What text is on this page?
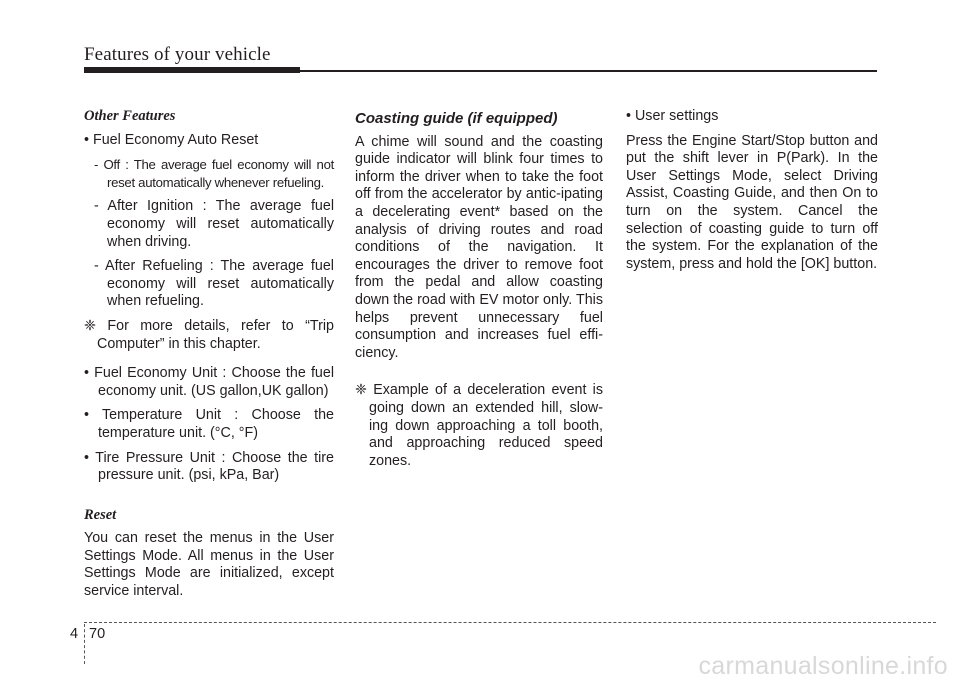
Features of your vehicle
Other Features
• Fuel Economy Auto Reset
- Off : The average fuel economy will not reset automatically whenever refueling.
- After Ignition : The average fuel economy will reset automatically when driving.
- After Refueling : The average fuel economy will reset automatically when refueling.
❈ For more details, refer to “Trip Computer” in this chapter.
• Fuel Economy Unit : Choose the fuel economy unit. (US gallon,UK gallon)
• Temperature Unit : Choose the temperature unit. (°C, °F)
• Tire Pressure Unit : Choose the tire pressure unit. (psi, kPa, Bar)
Reset
You can reset the menus in the User Settings Mode. All menus in the User Settings Mode are initialized, except service interval.
Coasting guide (if equipped)
A chime will sound and the coasting guide indicator will blink four times to inform the driver when to take the foot off from the accelerator by antic-ipating a decelerating event* based on the analysis of driving routes and road conditions of the navigation. It encourages the driver to remove foot from the pedal and allow coasting down the road with EV motor only. This helps prevent unnecessary fuel consumption and increases fuel effi-ciency.
❈ Example of a deceleration event is going down an extended hill, slow-ing down approaching a toll booth, and approaching reduced speed zones.
• User settings
Press the Engine Start/Stop button and put the shift lever in P(Park). In the User Settings Mode, select Driving Assist, Coasting Guide, and then On to turn on the system. Cancel the selection of coasting guide to turn off the system. For the explanation of the system, press and hold the [OK] button.
4 70
carmanualsonline.info
